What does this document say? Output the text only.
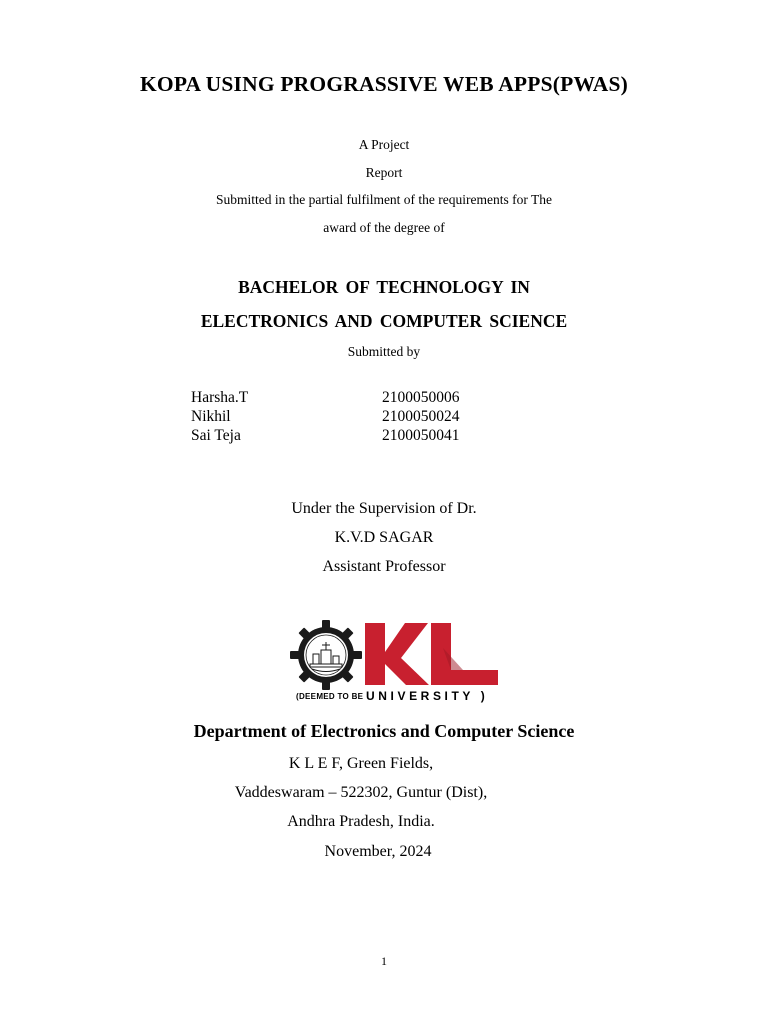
KOPA USING PROGRASSIVE WEB APPS(PWAS)
A Project
Report
Submitted in the partial fulfilment of the requirements for The
award of the degree of
BACHELOR OF TECHNOLOGY IN
ELECTRONICS AND COMPUTER SCIENCE
Submitted by
Harsha.T	2100050006
Nikhil	2100050024
Sai Teja	2100050041
Under the Supervision of Dr.
K.V.D SAGAR
Assistant Professor
(DEEMED TO BE UNIVERSITY )
Department of Electronics and Computer Science
K L E F, Green Fields,
Vaddeswaram – 522302, Guntur (Dist),
Andhra Pradesh, India.
November, 2024
1
